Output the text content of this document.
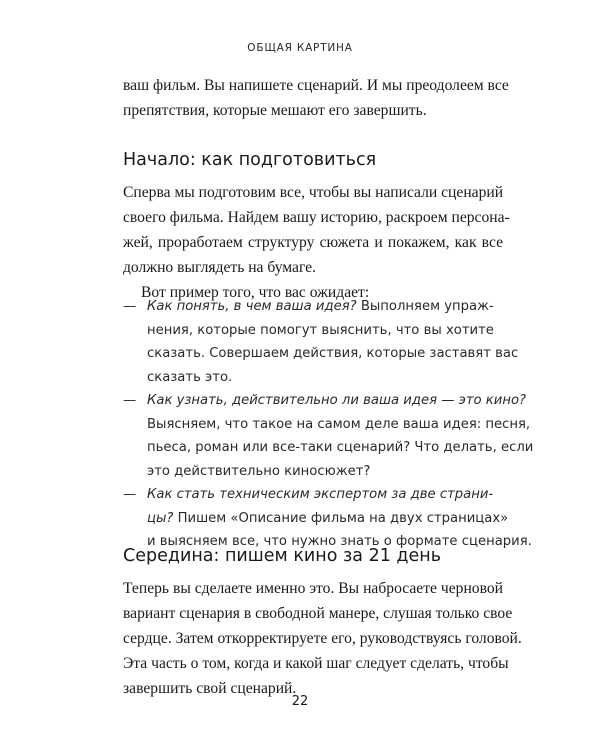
ОБЩАЯ КАРТИНА
ваш фильм. Вы напишете сценарий. И мы преодолеем все
препятствия, которые мешают его завершить.
Начало: как подготовиться
Сперва мы подготовим все, чтобы вы написали сценарий
своего фильма. Найдем вашу историю, раскроем персона-
жей, проработаем структуру сюжета и покажем, как все
должно выглядеть на бумаге.
Вот пример того, что вас ожидает:
— Как понять, в чем ваша идея? Выполняем упраж-
нения, которые помогут выяснить, что вы хотите
сказать. Совершаем действия, которые заставят вас
сказать это.
— Как узнать, действительно ли ваша идея — это кино?
Выясняем, что такое на самом деле ваша идея: песня,
пьеса, роман или все-таки сценарий? Что делать, если
это действительно киносюжет?
— Как стать техническим экспертом за две страни-
цы? Пишем «Описание фильма на двух страницах»
и выясняем все, что нужно знать о формате сценария.
Середина: пишем кино за 21 день
Теперь вы сделаете именно это. Вы набросаете черновой
вариант сценария в свободной манере, слушая только свое
сердце. Затем откорректируете его, руководствуясь головой.
Эта часть о том, когда и какой шаг следует сделать, чтобы
завершить свой сценарий.
22
